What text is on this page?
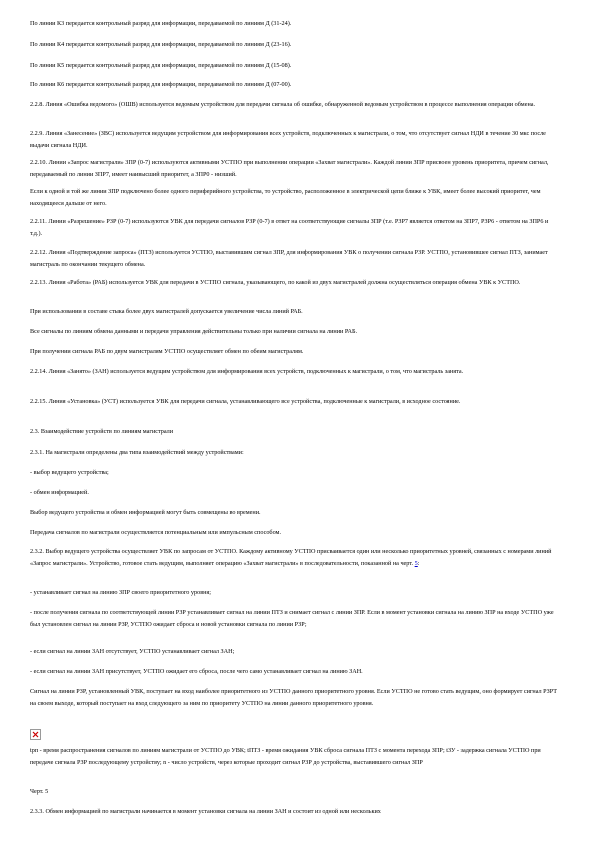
По линии К3 передается контрольный разряд для информации, передаваемой по линиям Д (31-24).

По линии К4 передается контрольный разряд для информации, передаваемой по линиям Д (23-16).

По линии К5 передается контрольный разряд для информации, передаваемой по линиям Д (15-08).

По линии К6 передается контрольный разряд для информации, передаваемой по линиям Д (07-00).

2.2.8. Линия «Ошибка ведомого» (ОШВ) используется ведомым устройством для передачи сигнала об ошибке, обнаруженной ведомым устройством в процессе выполнения операции обмена.

2.2.9. Линия «Занесение» (ЗВС) используется ведущим устройством для информирования всех устройств, подключенных к магистрали, о том, что отсутствует сигнал НДИ в течение 30 мкс после выдачи сигнала НДИ.

2.2.10. Линии «Запрос магистрали» ЗПР (0-7) используются активными УСТПО при выполнении операции «Захват магистрали». Каждой линии ЗПР присвоен уровень приоритета, причем сигнал, передаваемый по линии ЗПР7, имеет наивысший приоритет, а ЗПР0 - низший.

Если к одной и той же линии ЗПР подключено более одного периферийного устройства, то устройство, расположенное в электрической цепи ближе к УВК, имеет более высокий приоритет, чем находящееся дальше от него.

2.2.11. Линии «Разрешение» РЗР (0-7) используются УВК для передачи сигналов РЗР (0-7) в ответ на соответствующие сигналы ЗПР (т.е. РЗР7 является ответом на ЗПР7, РЗР6 - ответом на ЗПР6 и т.д.).

2.2.12. Линия «Подтверждение запроса» (ПТЗ) используется УСТПО, выставившим сигнал ЗПР, для информирования УВК о получении сигнала РЗР. УСТПО, установившее сигнал ПТЗ, занимает магистраль по окончании текущего обмена.

2.2.13. Линия «Работа» (РАБ) используется УВК для передачи в УСТПО сигнала, указывающего, по какой из двух магистралей должна осуществляться операция обмена УВК к УСТПО.

При использовании в составе стыка более двух магистралей допускается увеличение числа линий РАБ.

Все сигналы по линиям обмена данными и передачи управления действительны только при наличии сигнала на линии РАБ.

При получении сигнала РАБ по двум магистралям УСТПО осуществляет обмен по обеим магистралям.

2.2.14. Линия «Занято» (ЗАН) используется ведущим устройством для информирования всех устройств, подключенных к магистрали, о том, что магистраль занята.

2.2.15. Линия «Установка» (УСТ) используется УВК для передачи сигнала, устанавливающего все устройства, подключенные к магистрали, в исходное состояние.

2.3. Взаимодействие устройств по линиям магистрали

2.3.1. На магистрали определены два типа взаимодействий между устройствами:

- выбор ведущего устройства;

- обмен информацией.

Выбор ведущего устройства и обмен информацией могут быть совмещены во времени.

Передача сигналов по магистрали осуществляется потенциальным или импульсным способом.

2.3.2. Выбор ведущего устройства осуществляет УВК по запросам от УСТПО. Каждому активному УСТПО присваивается один или несколько приоритетных уровней, связанных с номерами линий «Запрос магистрали». Устройство, готовое стать ведущим, выполняет операцию «Захват магистрали» в последовательности, показанной на черт. 5:

- устанавливает сигнал на линию ЗПР своего приоритетного уровня;

- после получения сигнала по соответствующей линии РЗР устанавливает сигнал на линии ПТЗ и снимает сигнал с линии ЗПР. Если в момент установки сигнала на линию ЗПР на входе УСТПО уже был установлен сигнал на линии РЗР, УСТПО ожидает сброса и новой установки сигнала по линии РЗР;

- если сигнал на линии ЗАН отсутствует, УСТПО устанавливает сигнал ЗАН;

- если сигнал на линии ЗАН присутствует, УСТПО ожидает его сброса, после чего само устанавливает сигнал на линию ЗАН.

Сигнал на линии РЗР, установленный УВК, поступает на вход наиболее приоритетного из УСТПО данного приоритетного уровня. Если УСТПО не готово стать ведущим, оно формирует сигнал РЗРТ на своем выходе, который поступает на вход следующего за ним по приоритету УСТПО на линии данного приоритетного уровня.

tрп - время распространения сигналов по линиям магистрали от УСТПО до УВК; tПТЗ - время ожидания УВК сброса сигнала ПТЗ с момента перехода ЗПР; tЗУ - задержка сигнала УСТПО при передаче сигнала РЗР последующему устройству; n - число устройств, через которые проходит сигнал РЗР до устройства, выставившего сигнал ЗПР

Черт. 5

2.3.3. Обмен информацией по магистрали начинается в момент установки сигнала на линии ЗАН и состоит из одной или нескольких
